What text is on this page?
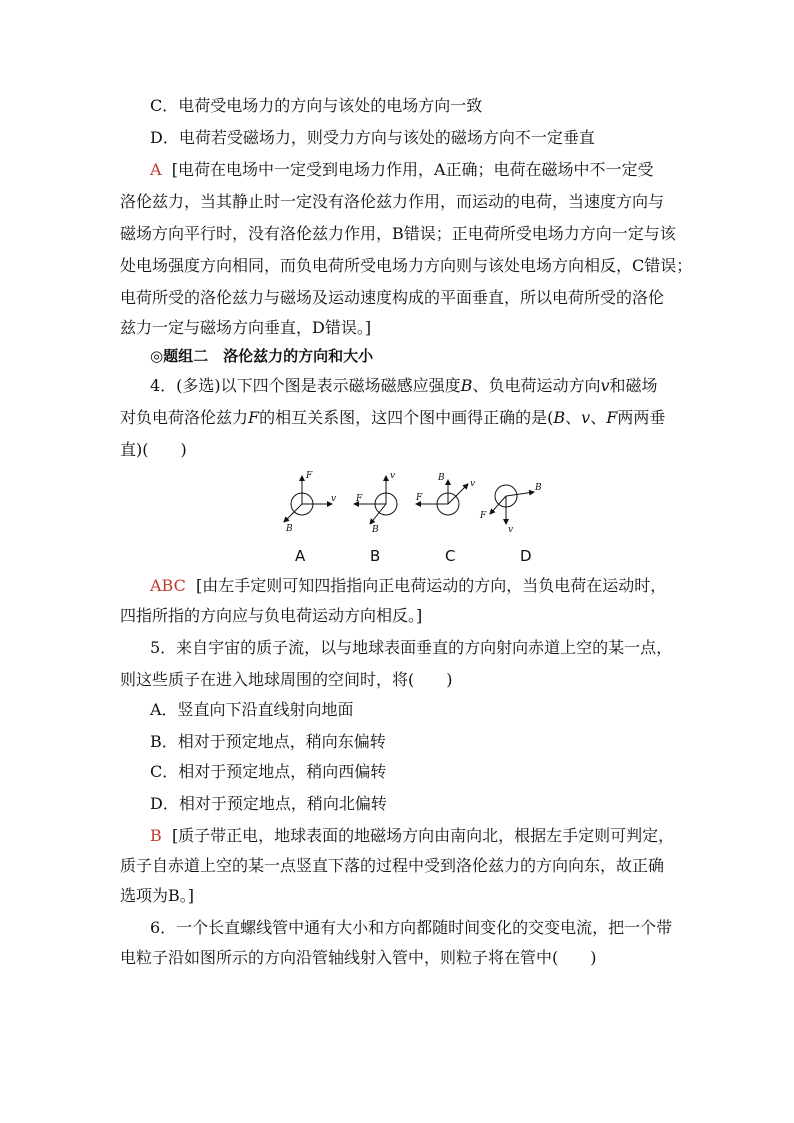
C．电荷受电场力的方向与该处的电场方向一致
D．电荷若受磁场力，则受力方向与该处的磁场方向不一定垂直
A [电荷在电场中一定受到电场力作用，A正确；电荷在磁场中不一定受
洛伦兹力，当其静止时一定没有洛伦兹力作用，而运动的电荷，当速度方向与
磁场方向平行时，没有洛伦兹力作用，B错误；正电荷所受电场力方向一定与该
处电场强度方向相同，而负电荷所受电场力方向则与该处电场方向相反，C错误；
电荷所受的洛伦兹力与磁场及运动速度构成的平面垂直，所以电荷所受的洛伦
兹力一定与磁场方向垂直，D错误。]
◎题组二　洛伦兹力的方向和大小
4．(多选)以下四个图是表示磁场磁感应强度B、负电荷运动方向v和磁场
对负电荷洛伦兹力F的相互关系图，这四个图中画得正确的是(B、v、F两两垂
直)(　　)
F
v
B
v
F
B
B
F
v	B
F
v
A	B	C	D
ABC [由左手定则可知四指指向正电荷运动的方向，当负电荷在运动时，
四指所指的方向应与负电荷运动方向相反。]
5．来自宇宙的质子流，以与地球表面垂直的方向射向赤道上空的某一点，
则这些质子在进入地球周围的空间时，将(　　)
A．竖直向下沿直线射向地面
B．相对于预定地点，稍向东偏转
C．相对于预定地点，稍向西偏转
D．相对于预定地点，稍向北偏转
B [质子带正电，地球表面的地磁场方向由南向北，根据左手定则可判定，
质子自赤道上空的某一点竖直下落的过程中受到洛伦兹力的方向向东，故正确
选项为B。]
6．一个长直螺线管中通有大小和方向都随时间变化的交变电流，把一个带
电粒子沿如图所示的方向沿管轴线射入管中，则粒子将在管中(　　)
